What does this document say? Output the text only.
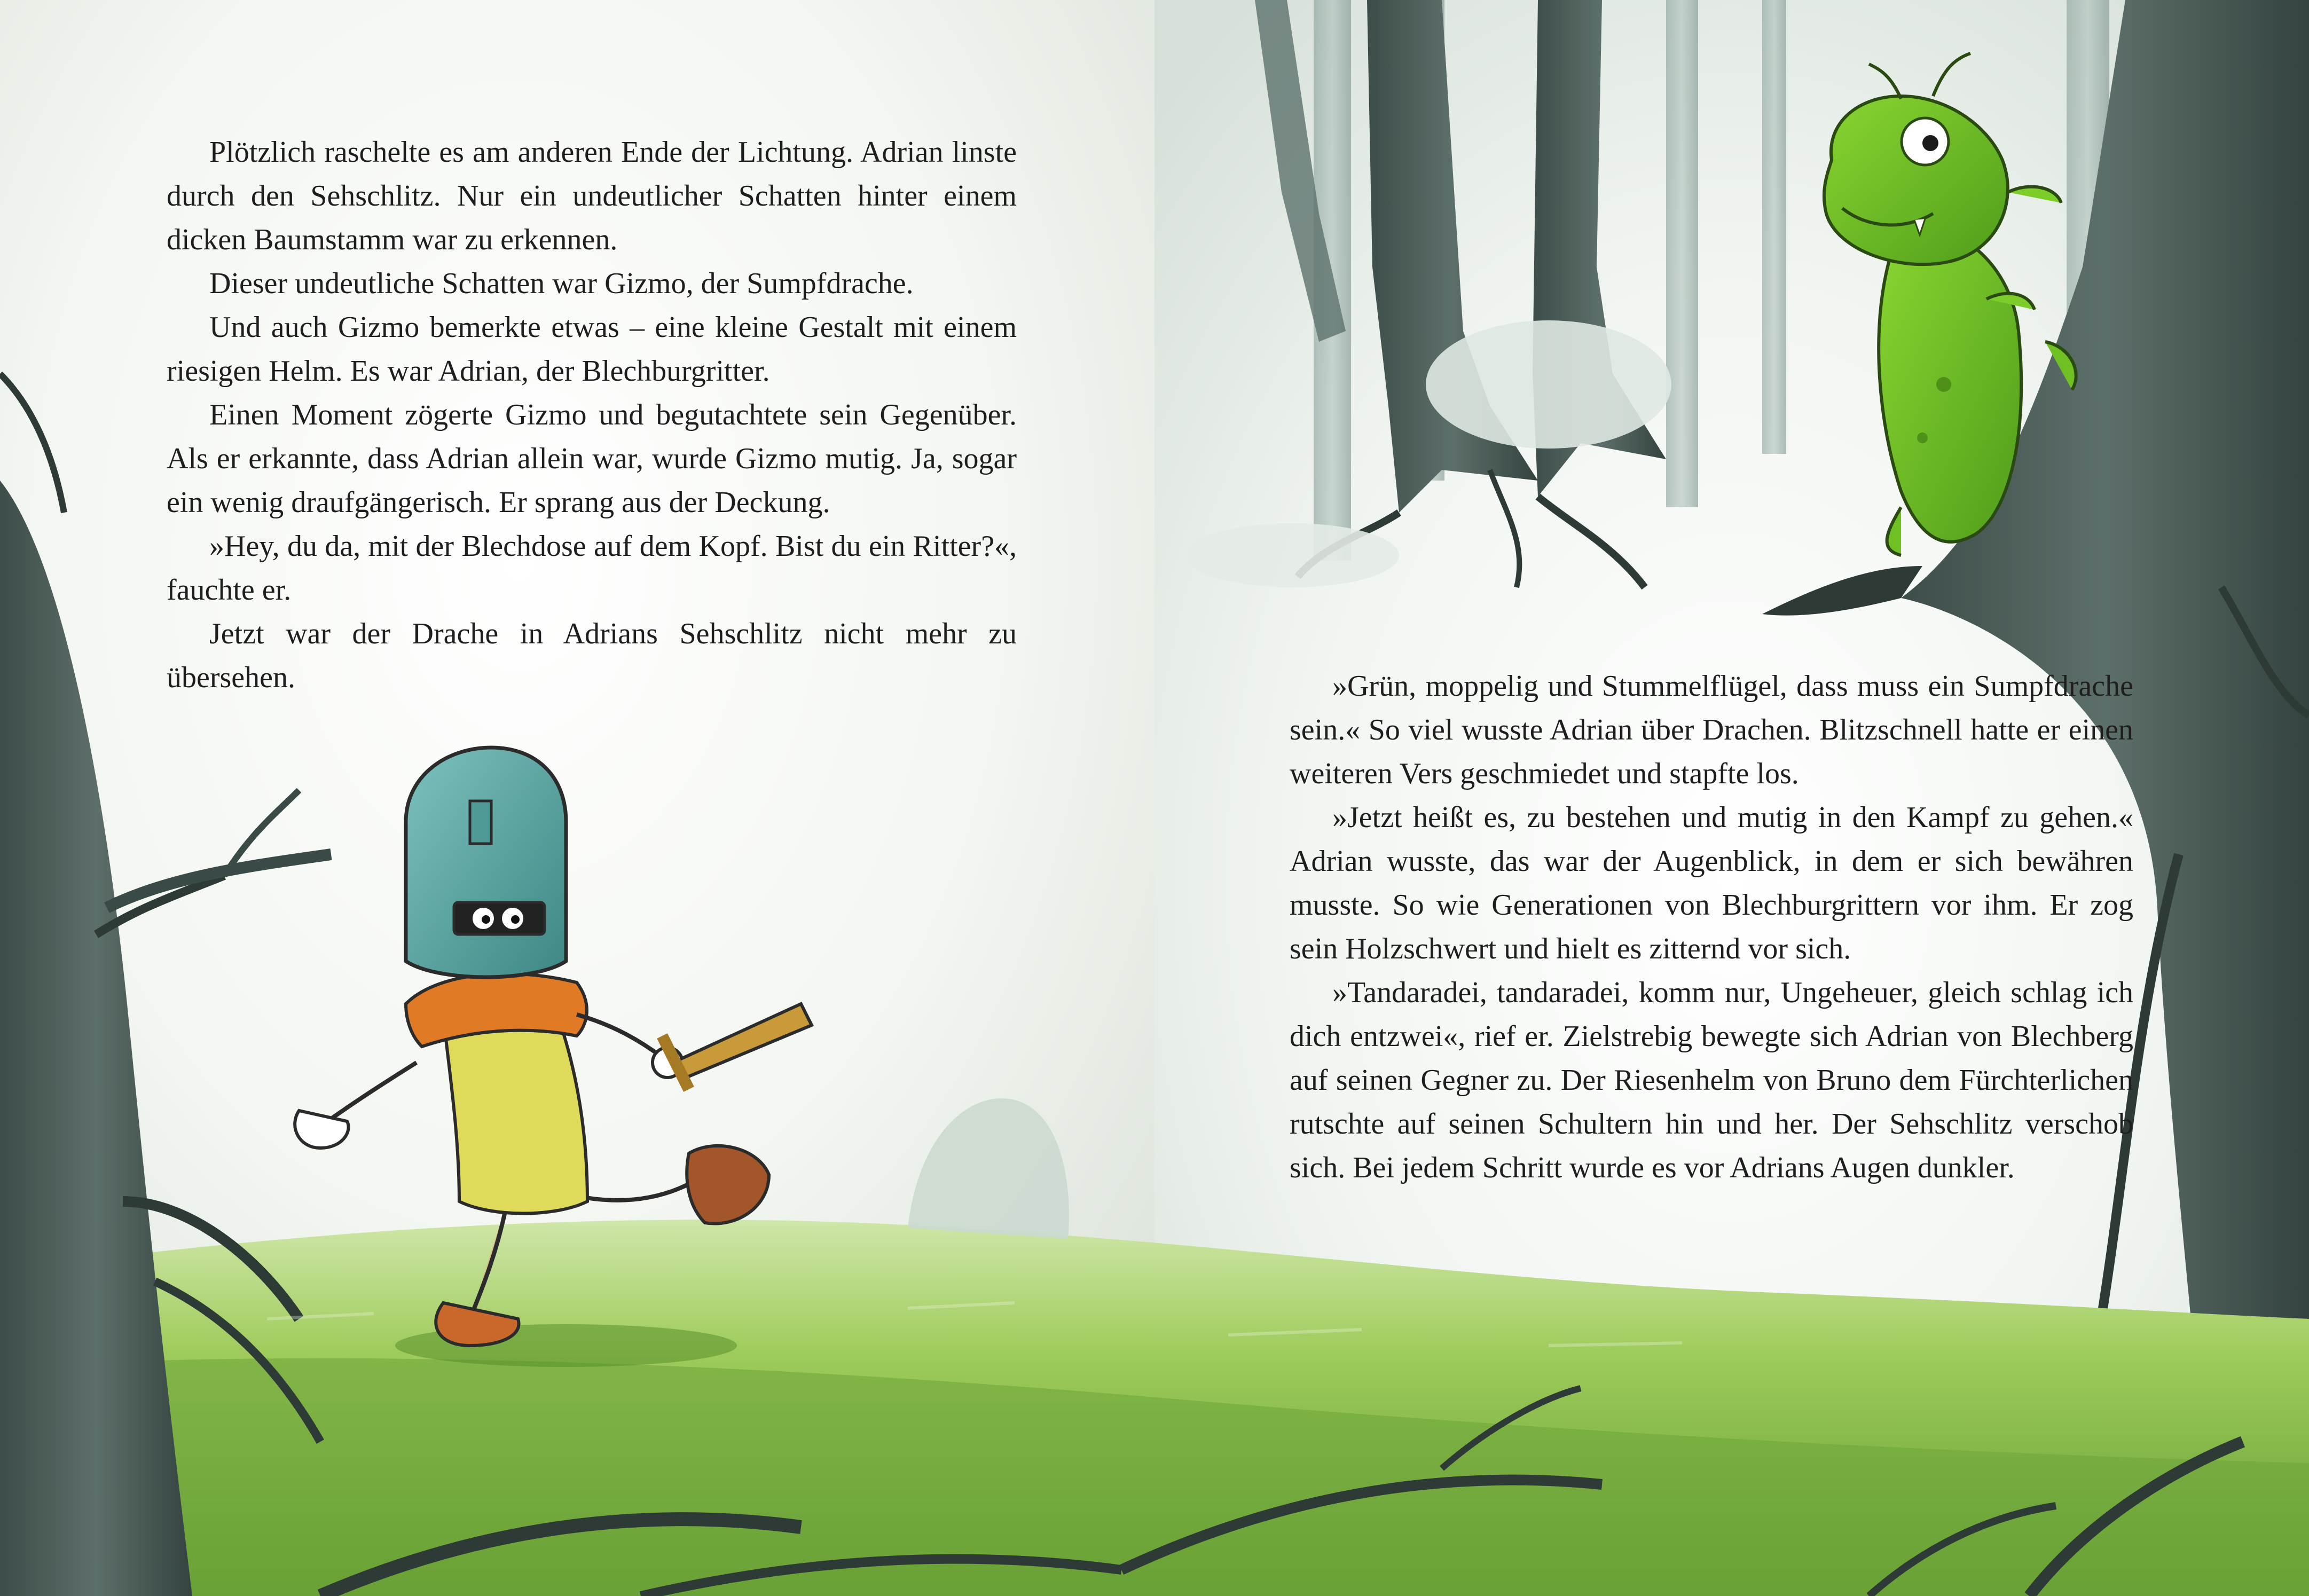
Plötzlich raschelte es am anderen Ende der Lichtung. Adrian linste durch den Sehschlitz. Nur ein undeutlicher Schatten hinter einem dicken Baumstamm war zu erkennen.

Dieser undeutliche Schatten war Gizmo, der Sumpfdrache.

Und auch Gizmo bemerkte etwas – eine kleine Gestalt mit einem riesigen Helm. Es war Adrian, der Blechburgritter.

Einen Moment zögerte Gizmo und begutachtete sein Gegenüber. Als er erkannte, dass Adrian allein war, wurde Gizmo mutig. Ja, sogar ein wenig draufgängerisch. Er sprang aus der Deckung.

»Hey, du da, mit der Blechdose auf dem Kopf. Bist du ein Ritter?«, fauchte er.

Jetzt war der Drache in Adrians Sehschlitz nicht mehr zu übersehen.	»Grün, moppelig und Stummelflügel, dass muss ein Sumpfdrache sein.« So viel wusste Adrian über Drachen. Blitzschnell hatte er einen weiteren Vers geschmiedet und stapfte los.

»Jetzt heißt es, zu bestehen und mutig in den Kampf zu gehen.« Adrian wusste, das war der Augenblick, in dem er sich bewähren musste. So wie Generationen von Blechburgrittern vor ihm. Er zog sein Holzschwert und hielt es zitternd vor sich.

»Tandaradei, tandaradei, komm nur, Ungeheuer, gleich schlag ich dich entzwei«, rief er. Zielstrebig bewegte sich Adrian von Blechberg auf seinen Gegner zu. Der Riesenhelm von Bruno dem Fürchterlichen rutschte auf seinen Schultern hin und her. Der Sehschlitz verschob sich. Bei jedem Schritt wurde es vor Adrians Augen dunkler.
